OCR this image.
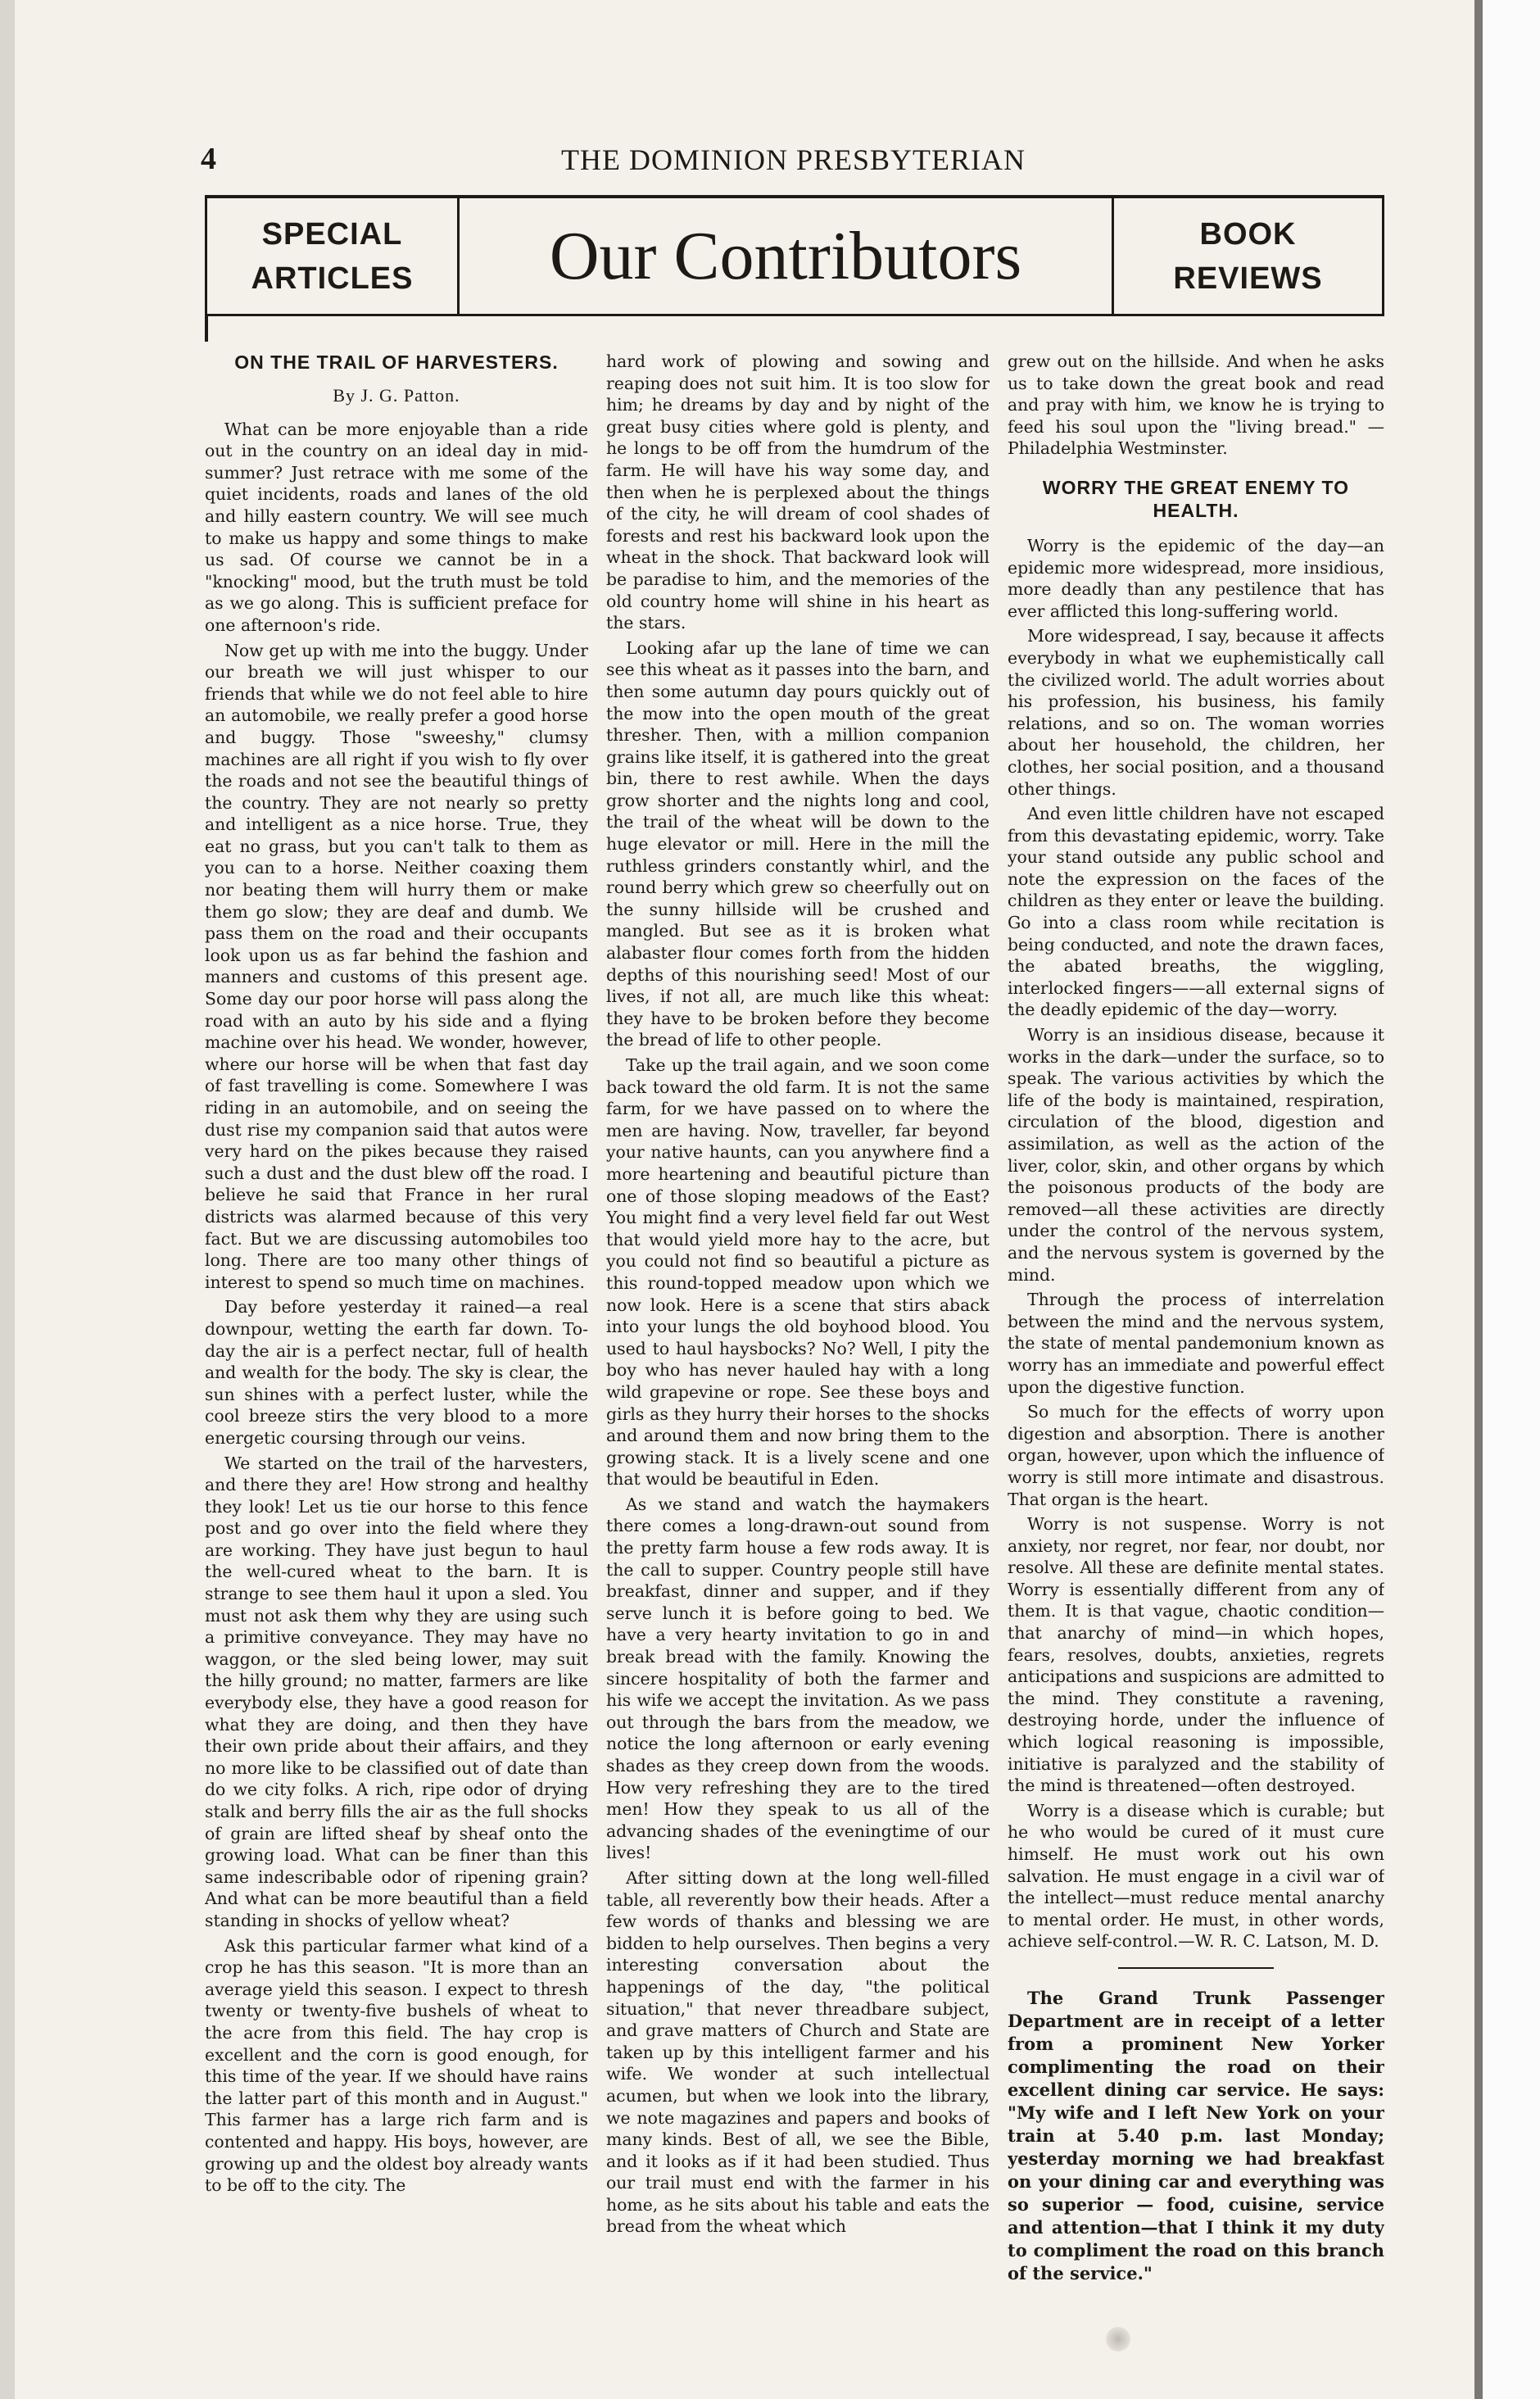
4	THE DOMINION PRESBYTERIAN
SPECIAL
ARTICLES	Our Contributors	BOOK
REVIEWS
ON THE TRAIL OF HARVESTERS.
By J. G. Patton.

What can be more enjoyable than a ride out in the country on an ideal day in mid-summer? Just retrace with me some of the quiet incidents, roads and lanes of the old and hilly eastern country. We will see much to make us happy and some things to make us sad. Of course we cannot be in a "knocking" mood, but the truth must be told as we go along. This is sufficient preface for one afternoon's ride.

Now get up with me into the buggy. Under our breath we will just whisper to our friends that while we do not feel able to hire an automobile, we really prefer a good horse and buggy. Those "sweeshy," clumsy machines are all right if you wish to fly over the roads and not see the beautiful things of the country. They are not nearly so pretty and intelligent as a nice horse. True, they eat no grass, but you can't talk to them as you can to a horse. Neither coaxing them nor beating them will hurry them or make them go slow; they are deaf and dumb. We pass them on the road and their occupants look upon us as far behind the fashion and manners and customs of this present age. Some day our poor horse will pass along the road with an auto by his side and a flying machine over his head. We wonder, however, where our horse will be when that fast day of fast travelling is come. Somewhere I was riding in an automobile, and on seeing the dust rise my companion said that autos were very hard on the pikes because they raised such a dust and the dust blew off the road. I believe he said that France in her rural districts was alarmed because of this very fact. But we are discussing automobiles too long. There are too many other things of interest to spend so much time on machines.

Day before yesterday it rained—a real downpour, wetting the earth far down. To-day the air is a perfect nectar, full of health and wealth for the body. The sky is clear, the sun shines with a perfect luster, while the cool breeze stirs the very blood to a more energetic coursing through our veins.

We started on the trail of the harvesters, and there they are! How strong and healthy they look! Let us tie our horse to this fence post and go over into the field where they are working. They have just begun to haul the well-cured wheat to the barn. It is strange to see them haul it upon a sled. You must not ask them why they are using such a primitive conveyance. They may have no waggon, or the sled being lower, may suit the hilly ground; no matter, farmers are like everybody else, they have a good reason for what they are doing, and then they have their own pride about their affairs, and they no more like to be classified out of date than do we city folks. A rich, ripe odor of drying stalk and berry fills the air as the full shocks of grain are lifted sheaf by sheaf onto the growing load. What can be finer than this same indescribable odor of ripening grain? And what can be more beautiful than a field standing in shocks of yellow wheat?

Ask this particular farmer what kind of a crop he has this season. "It is more than an average yield this season. I expect to thresh twenty or twenty-five bushels of wheat to the acre from this field. The hay crop is excellent and the corn is good enough, for this time of the year. If we should have rains the latter part of this month and in August." This farmer has a large rich farm and is contented and happy. His boys, however, are growing up and the oldest boy already wants to be off to the city. The

hard work of plowing and sowing and reaping does not suit him. It is too slow for him; he dreams by day and by night of the great busy cities where gold is plenty, and he longs to be off from the humdrum of the farm. He will have his way some day, and then when he is perplexed about the things of the city, he will dream of cool shades of forests and rest his backward look upon the wheat in the shock. That backward look will be paradise to him, and the memories of the old country home will shine in his heart as the stars.

Looking afar up the lane of time we can see this wheat as it passes into the barn, and then some autumn day pours quickly out of the mow into the open mouth of the great thresher. Then, with a million companion grains like itself, it is gathered into the great bin, there to rest awhile. When the days grow shorter and the nights long and cool, the trail of the wheat will be down to the huge elevator or mill. Here in the mill the ruthless grinders constantly whirl, and the round berry which grew so cheerfully out on the sunny hillside will be crushed and mangled. But see as it is broken what alabaster flour comes forth from the hidden depths of this nourishing seed! Most of our lives, if not all, are much like this wheat: they have to be broken before they become the bread of life to other people.

Take up the trail again, and we soon come back toward the old farm. It is not the same farm, for we have passed on to where the men are having. Now, traveller, far beyond your native haunts, can you anywhere find a more heartening and beautiful picture than one of those sloping meadows of the East? You might find a very level field far out West that would yield more hay to the acre, but you could not find so beautiful a picture as this round-topped meadow upon which we now look. Here is a scene that stirs aback into your lungs the old boyhood blood. You used to haul haysbocks? No? Well, I pity the boy who has never hauled hay with a long wild grapevine or rope. See these boys and girls as they hurry their horses to the shocks and around them and now bring them to the growing stack. It is a lively scene and one that would be beautiful in Eden.

As we stand and watch the haymakers there comes a long-drawn-out sound from the pretty farm house a few rods away. It is the call to supper. Country people still have breakfast, dinner and supper, and if they serve lunch it is before going to bed. We have a very hearty invitation to go in and break bread with the family. Knowing the sincere hospitality of both the farmer and his wife we accept the invitation. As we pass out through the bars from the meadow, we notice the long afternoon or early evening shades as they creep down from the woods. How very refreshing they are to the tired men! How they speak to us all of the advancing shades of the eveningtime of our lives!

After sitting down at the long well-filled table, all reverently bow their heads. After a few words of thanks and blessing we are bidden to help ourselves. Then begins a very interesting conversation about the happenings of the day, "the political situation," that never threadbare subject, and grave matters of Church and State are taken up by this intelligent farmer and his wife. We wonder at such intellectual acumen, but when we look into the library, we note magazines and papers and books of many kinds. Best of all, we see the Bible, and it looks as if it had been studied. Thus our trail must end with the farmer in his home, as he sits about his table and eats the bread from the wheat which

grew out on the hillside. And when he asks us to take down the great book and read and pray with him, we know he is trying to feed his soul upon the "living bread." —Philadelphia Westminster.

WORRY THE GREAT ENEMY TO HEALTH.

Worry is the epidemic of the day—an epidemic more widespread, more insidious, more deadly than any pestilence that has ever afflicted this long-suffering world.

More widespread, I say, because it affects everybody in what we euphemistically call the civilized world. The adult worries about his profession, his business, his family relations, and so on. The woman worries about her household, the children, her clothes, her social position, and a thousand other things.

And even little children have not escaped from this devastating epidemic, worry. Take your stand outside any public school and note the expression on the faces of the children as they enter or leave the building. Go into a class room while recitation is being conducted, and note the drawn faces, the abated breaths, the wiggling, interlocked fingers——all external signs of the deadly epidemic of the day—worry.

Worry is an insidious disease, because it works in the dark—under the surface, so to speak. The various activities by which the life of the body is maintained, respiration, circulation of the blood, digestion and assimilation, as well as the action of the liver, color, skin, and other organs by which the poisonous products of the body are removed—all these activities are directly under the control of the nervous system, and the nervous system is governed by the mind.

Through the process of interrelation between the mind and the nervous system, the state of mental pandemonium known as worry has an immediate and powerful effect upon the digestive function.

So much for the effects of worry upon digestion and absorption. There is another organ, however, upon which the influence of worry is still more intimate and disastrous. That organ is the heart.

Worry is not suspense. Worry is not anxiety, nor regret, nor fear, nor doubt, nor resolve. All these are definite mental states. Worry is essentially different from any of them. It is that vague, chaotic condition—that anarchy of mind—in which hopes, fears, resolves, doubts, anxieties, regrets anticipations and suspicions are admitted to the mind. They constitute a ravening, destroying horde, under the influence of which logical reasoning is impossible, initiative is paralyzed and the stability of the mind is threatened—often destroyed.

Worry is a disease which is curable; but he who would be cured of it must cure himself. He must work out his own salvation. He must engage in a civil war of the intellect—must reduce mental anarchy to mental order. He must, in other words, achieve self-control.—W. R. C. Latson, M. D.

The Grand Trunk Passenger Department are in receipt of a letter from a prominent New Yorker complimenting the road on their excellent dining car service. He says: "My wife and I left New York on your train at 5.40 p.m. last Monday; yesterday morning we had breakfast on your dining car and everything was so superior — food, cuisine, service and attention—that I think it my duty to compliment the road on this branch of the service."
